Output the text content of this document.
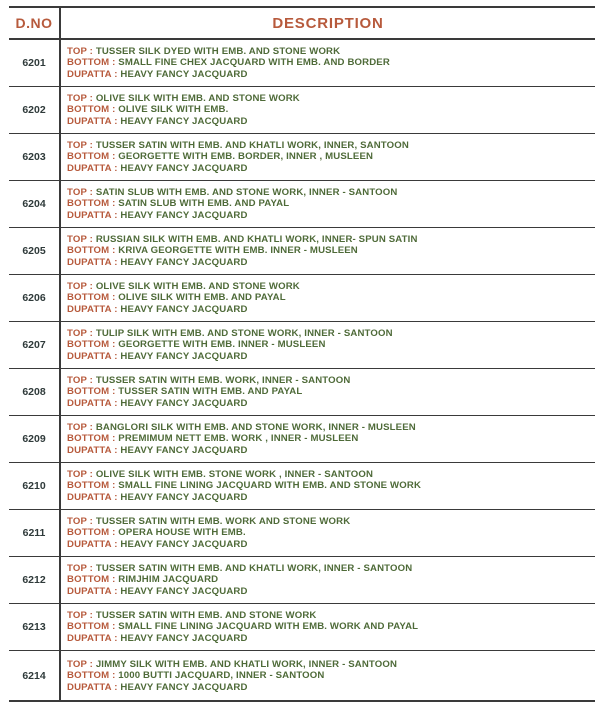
D.NO	DESCRIPTION
6201
TOP : TUSSER SILK DYED WITH EMB. AND STONE WORK
BOTTOM : SMALL FINE CHEX JACQUARD WITH EMB. AND BORDER
DUPATTA : HEAVY FANCY JACQUARD
6202
TOP : OLIVE SILK WITH EMB. AND STONE WORK
BOTTOM : OLIVE SILK WITH EMB.
DUPATTA : HEAVY FANCY JACQUARD
6203
TOP : TUSSER SATIN WITH EMB. AND KHATLI WORK, INNER, SANTOON
BOTTOM : GEORGETTE WITH EMB. BORDER, INNER , MUSLEEN
DUPATTA : HEAVY FANCY JACQUARD
6204
TOP : SATIN SLUB WITH EMB. AND STONE WORK, INNER - SANTOON
BOTTOM : SATIN SLUB WITH EMB. AND PAYAL
DUPATTA : HEAVY FANCY JACQUARD
6205
TOP : RUSSIAN SILK WITH EMB. AND KHATLI WORK, INNER- SPUN SATIN
BOTTOM : KRIVA GEORGETTE WITH EMB. INNER - MUSLEEN
DUPATTA : HEAVY FANCY JACQUARD
6206
TOP : OLIVE SILK WITH EMB. AND STONE WORK
BOTTOM : OLIVE SILK WITH EMB. AND PAYAL
DUPATTA : HEAVY FANCY JACQUARD
6207
TOP : TULIP SILK WITH EMB. AND STONE WORK, INNER - SANTOON
BOTTOM : GEORGETTE WITH EMB. INNER - MUSLEEN
DUPATTA : HEAVY FANCY JACQUARD
6208
TOP : TUSSER SATIN WITH EMB. WORK, INNER - SANTOON
BOTTOM : TUSSER SATIN WITH EMB. AND PAYAL
DUPATTA : HEAVY FANCY JACQUARD
6209
TOP : BANGLORI SILK WITH EMB. AND STONE WORK, INNER - MUSLEEN
BOTTOM : PREMIMUM NETT EMB. WORK , INNER - MUSLEEN
DUPATTA : HEAVY FANCY JACQUARD
6210
TOP : OLIVE SILK WITH EMB. STONE WORK , INNER - SANTOON
BOTTOM : SMALL FINE LINING JACQUARD WITH EMB. AND STONE WORK
DUPATTA : HEAVY FANCY JACQUARD
6211
TOP : TUSSER SATIN WITH EMB. WORK AND STONE WORK
BOTTOM : OPERA HOUSE WITH EMB.
DUPATTA : HEAVY FANCY JACQUARD
6212
TOP : TUSSER SATIN WITH EMB. AND KHATLI WORK, INNER - SANTOON
BOTTOM : RIMJHIM JACQUARD
DUPATTA : HEAVY FANCY JACQUARD
6213
TOP : TUSSER SATIN WITH EMB. AND STONE WORK
BOTTOM : SMALL FINE LINING JACQUARD WITH EMB. WORK AND PAYAL
DUPATTA : HEAVY FANCY JACQUARD
6214
TOP : JIMMY SILK WITH EMB. AND KHATLI WORK, INNER - SANTOON
BOTTOM : 1000 BUTTI JACQUARD, INNER - SANTOON
DUPATTA : HEAVY FANCY JACQUARD
